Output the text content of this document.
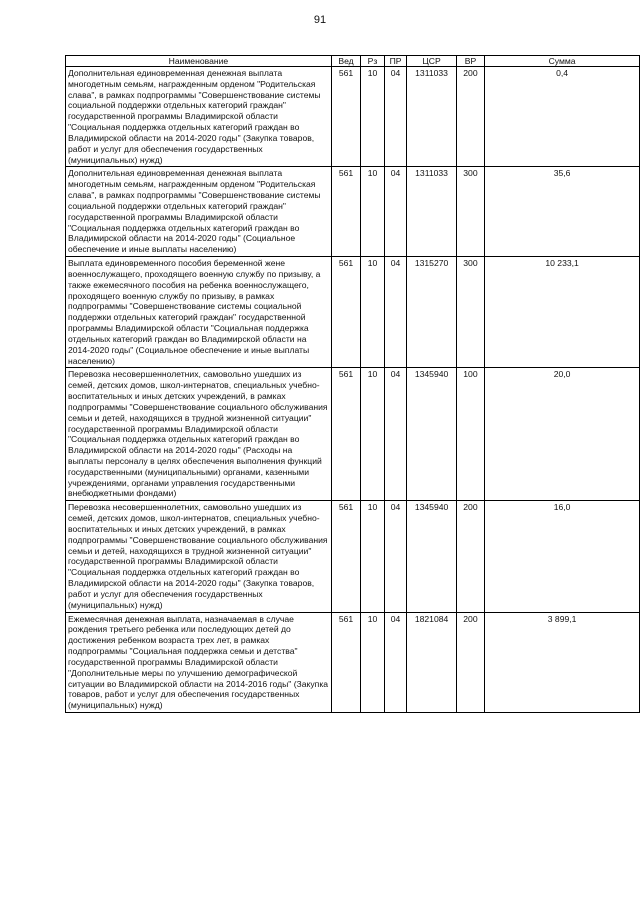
91
Наименование	Вед	Рз	ПР	ЦСР	ВР	Сумма
Дополнительная единовременная денежная выплата многодетным семьям, награжденным орденом "Родительская слава", в рамках подпрограммы "Совершенствование системы социальной поддержки отдельных категорий граждан" государственной программы Владимирской области "Социальная поддержка отдельных категорий граждан во Владимирской области на 2014-2020 годы" (Закупка товаров, работ и услуг для обеспечения государственных (муниципальных) нужд)	561	10	04	1311033	200	0,4
Дополнительная единовременная денежная выплата многодетным семьям, награжденным орденом "Родительская слава", в рамках подпрограммы "Совершенствование системы социальной поддержки отдельных категорий граждан" государственной программы Владимирской области "Социальная поддержка отдельных категорий граждан во Владимирской области на 2014-2020 годы" (Социальное обеспечение и иные выплаты населению)	561	10	04	1311033	300	35,6
Выплата единовременного пособия беременной жене военнослужащего, проходящего военную службу по призыву, а также ежемесячного пособия на ребенка военнослужащего, проходящего военную службу по призыву, в рамках подпрограммы "Совершенствование системы социальной поддержки отдельных категорий граждан" государственной программы Владимирской области "Социальная поддержка отдельных категорий граждан во Владимирской области на 2014-2020 годы" (Социальное обеспечение и иные выплаты населению)	561	10	04	1315270	300	10 233,1
Перевозка несовершеннолетних, самовольно ушедших из семей, детских домов, школ-интернатов, специальных учебно-воспитательных и иных детских учреждений, в рамках подпрограммы "Совершенствование социального обслуживания семьи и детей, находящихся в трудной жизненной ситуации" государственной программы Владимирской области "Социальная поддержка отдельных категорий граждан во Владимирской области на 2014-2020 годы" (Расходы на выплаты персоналу в целях обеспечения выполнения функций государственными (муниципальными) органами, казенными учреждениями, органами управления государственными внебюджетными фондами)	561	10	04	1345940	100	20,0
Перевозка несовершеннолетних, самовольно ушедших из семей, детских домов, школ-интернатов, специальных учебно-воспитательных и иных детских учреждений, в рамках подпрограммы "Совершенствование социального обслуживания семьи и детей, находящихся в трудной жизненной ситуации" государственной программы Владимирской области "Социальная поддержка отдельных категорий граждан во Владимирской области на 2014-2020 годы" (Закупка товаров, работ и услуг для обеспечения государственных (муниципальных) нужд)	561	10	04	1345940	200	16,0
Ежемесячная денежная выплата, назначаемая в случае рождения третьего ребенка или последующих детей до достижения ребенком возраста трех лет, в рамках подпрограммы "Социальная поддержка семьи и детства" государственной программы Владимирской области "Дополнительные меры по улучшению демографической ситуации во Владимирской области на 2014-2016 годы" (Закупка товаров, работ и услуг для обеспечения государственных (муниципальных) нужд)	561	10	04	1821084	200	3 899,1
